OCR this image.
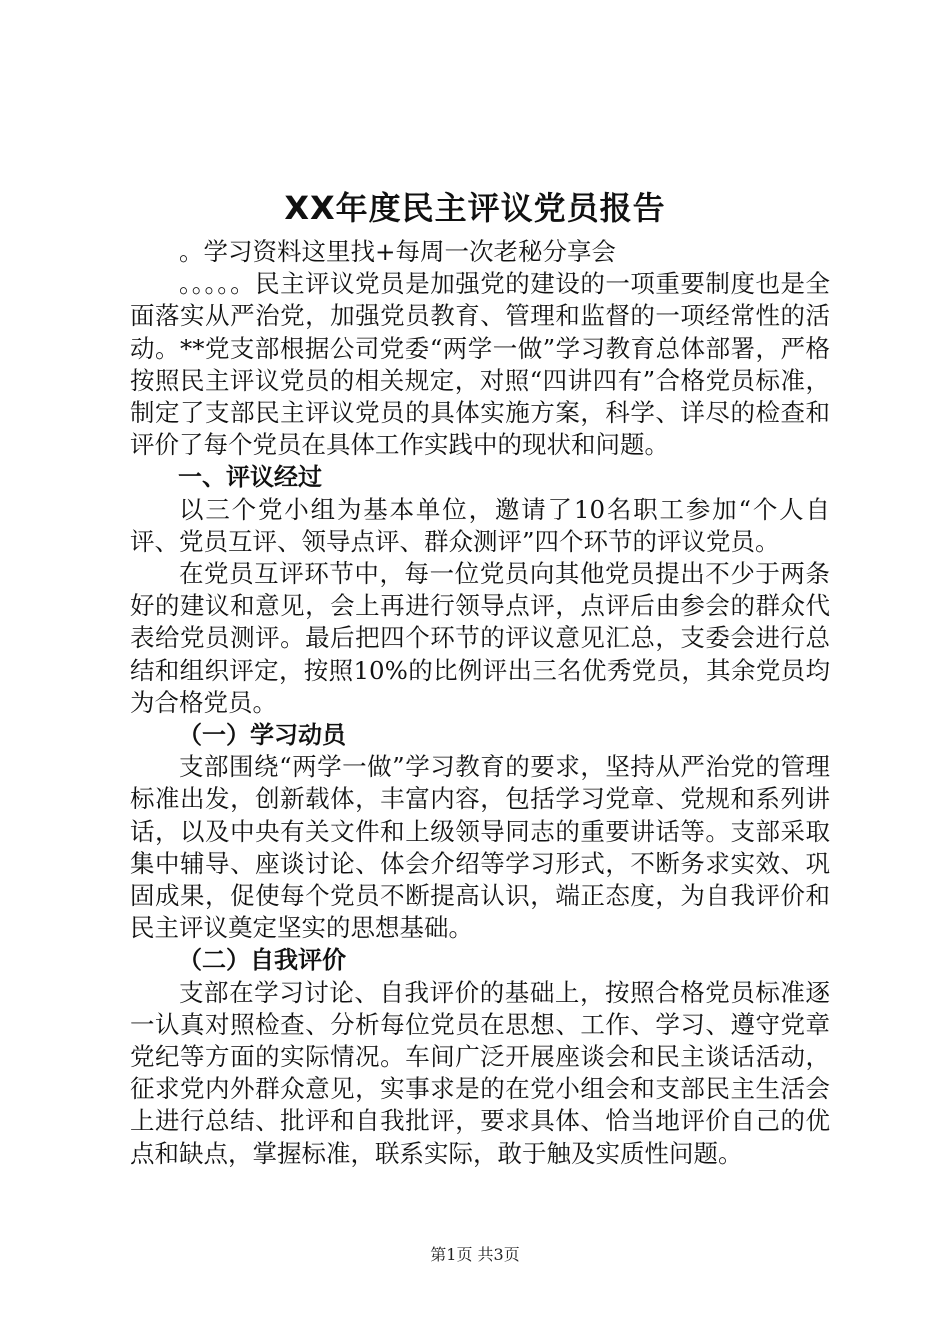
XX年度民主评议党员报告

。学习资料这里找+每周一次老秘分享会

。。。。。民主评议党员是加强党的建设的一项重要制度也是全面落实从严治党，加强党员教育、管理和监督的一项经常性的活动。**党支部根据公司党委“两学一做”学习教育总体部署，严格按照民主评议党员的相关规定，对照“四讲四有”合格党员标准，制定了支部民主评议党员的具体实施方案，科学、详尽的检查和评价了每个党员在具体工作实践中的现状和问题。

一、评议经过

以三个党小组为基本单位，邀请了10名职工参加“个人自评、党员互评、领导点评、群众测评”四个环节的评议党员。

在党员互评环节中，每一位党员向其他党员提出不少于两条好的建议和意见，会上再进行领导点评，点评后由参会的群众代表给党员测评。最后把四个环节的评议意见汇总，支委会进行总结和组织评定，按照10%的比例评出三名优秀党员，其余党员均为合格党员。

（一）学习动员

支部围绕“两学一做”学习教育的要求，坚持从严治党的管理标准出发，创新载体，丰富内容，包括学习党章、党规和系列讲话，以及中央有关文件和上级领导同志的重要讲话等。支部采取集中辅导、座谈讨论、体会介绍等学习形式，不断务求实效、巩固成果，促使每个党员不断提高认识，端正态度，为自我评价和民主评议奠定坚实的思想基础。

（二）自我评价

支部在学习讨论、自我评价的基础上，按照合格党员标准逐一认真对照检查、分析每位党员在思想、工作、学习、遵守党章党纪等方面的实际情况。车间广泛开展座谈会和民主谈话活动，征求党内外群众意见，实事求是的在党小组会和支部民主生活会上进行总结、批评和自我批评，要求具体、恰当地评价自己的优点和缺点，掌握标准，联系实际，敢于触及实质性问题。

第1页 共3页
